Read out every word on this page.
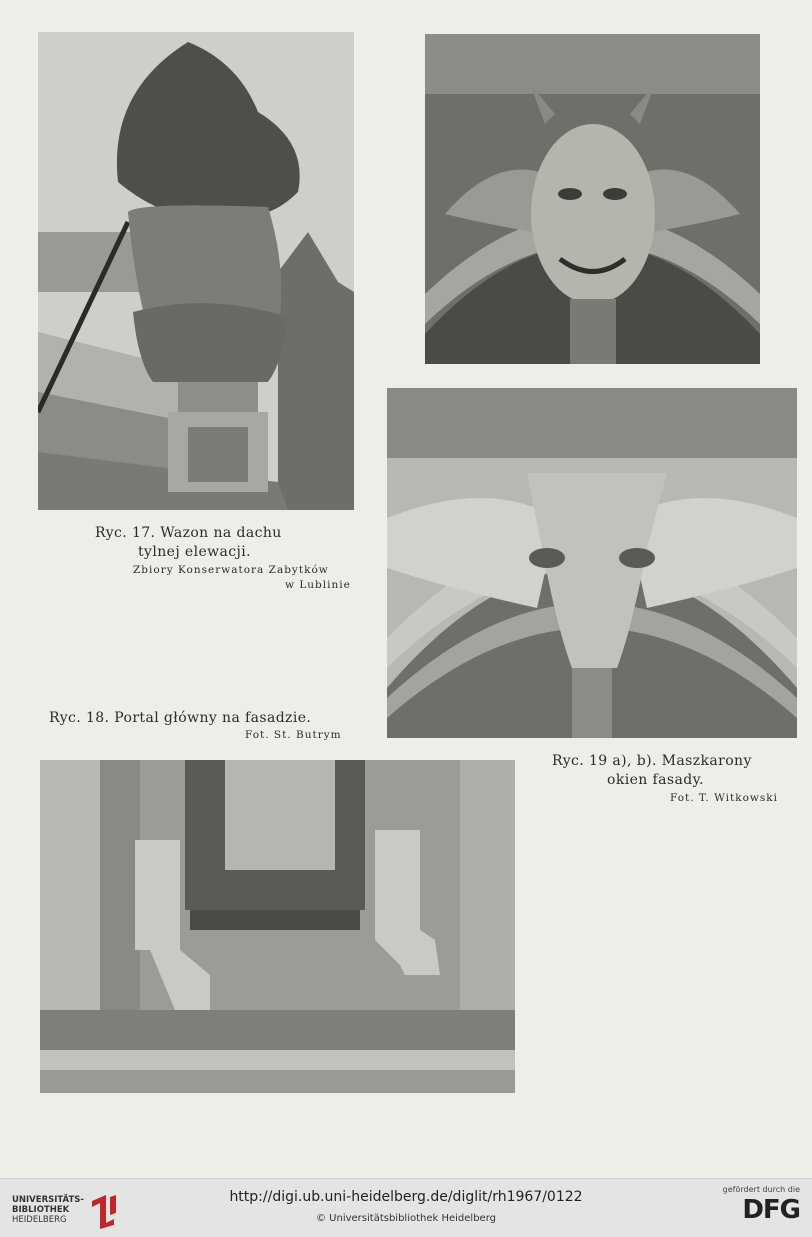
Ryc. 17. Wazon na dachu
tylnej elewacji.
Zbiory Konserwatora Zabytków
w Lublinie
Ryc. 18. Portal główny na fasadzie.
Fot. St. Butrym
Ryc. 19 a), b). Maszkarony
okien fasady.
Fot. T. Witkowski
UNIVERSITÄTS-
BIBLIOTHEK
HEIDELBERG
http://digi.ub.uni-heidelberg.de/diglit/rh1967/0122
© Universitätsbibliothek Heidelberg
gefördert durch die
DFG
